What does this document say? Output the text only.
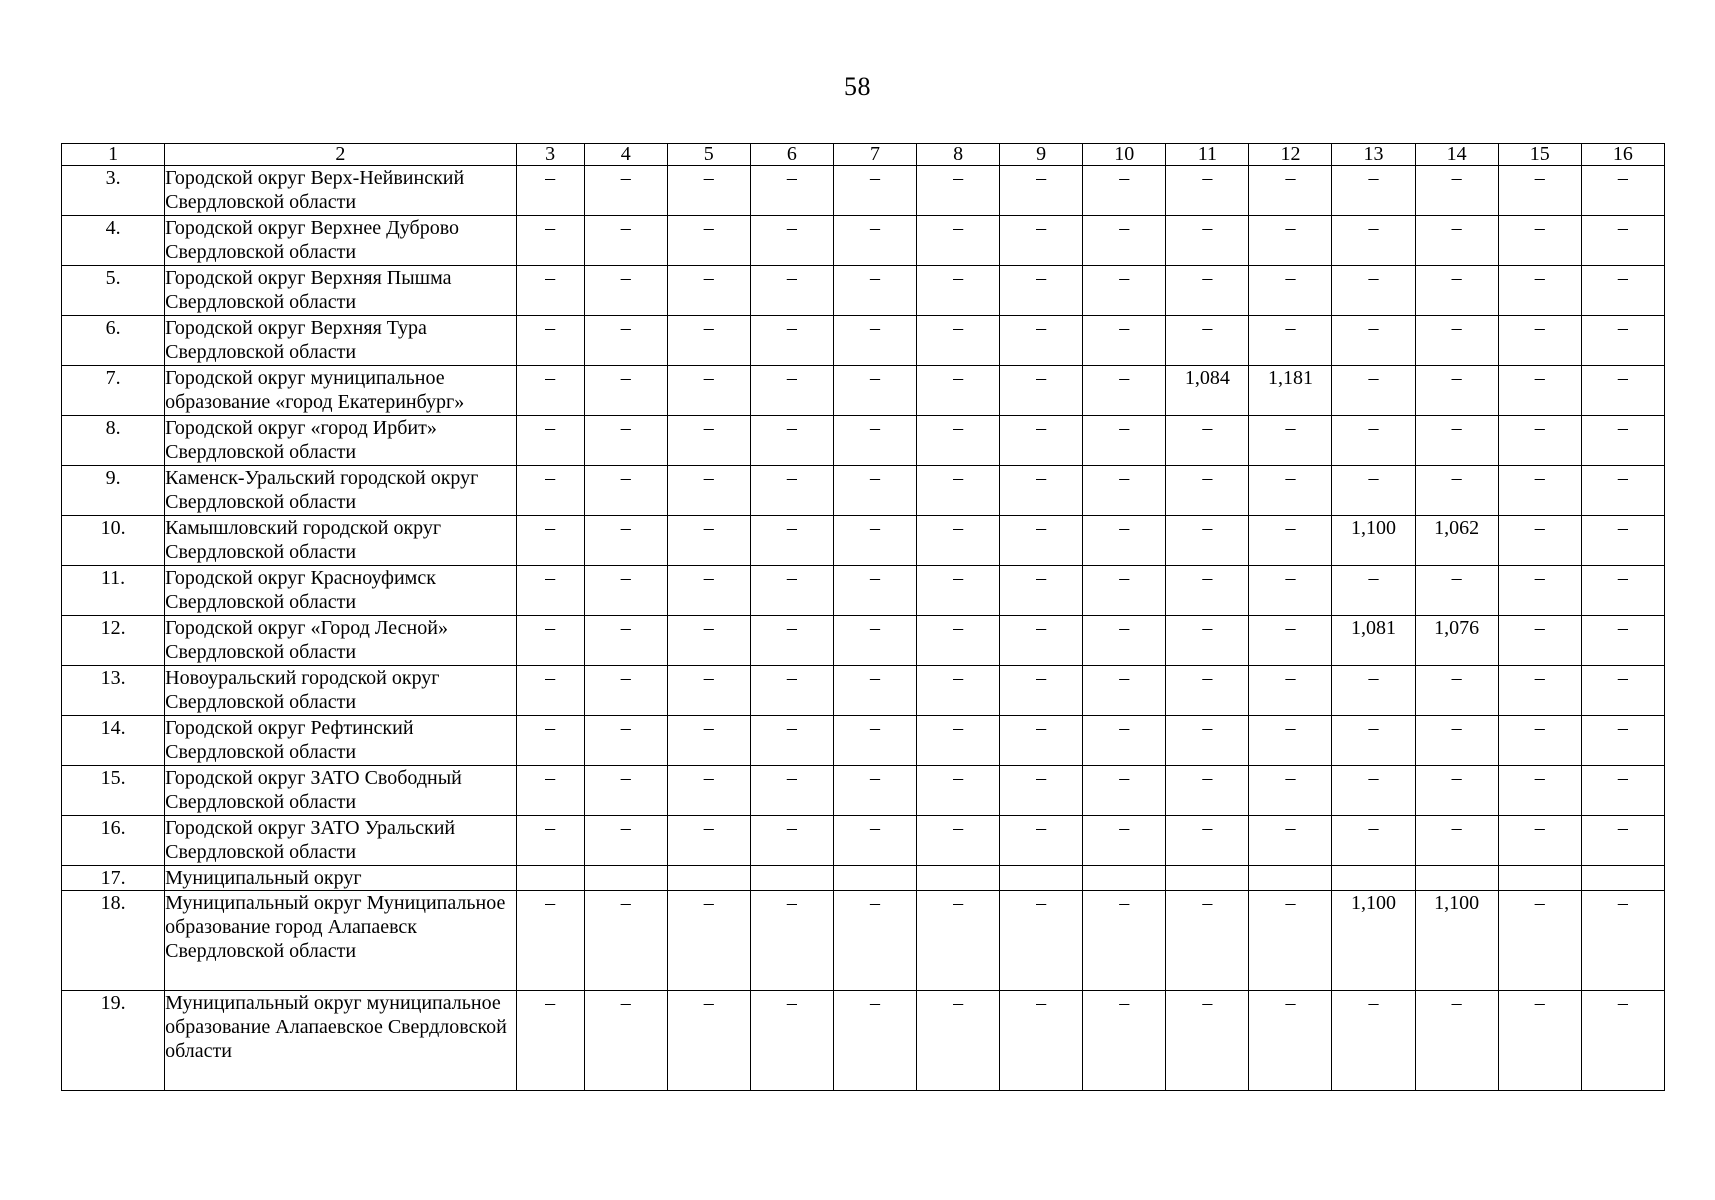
58
1	2	3	4	5	6	7	8	9	10	11	12	13	14	15	16
3.	Городской округ Верх-Нейвинский Свердловской области	–	–	–	–	–	–	–	–	–	–	–	–	–	–
4.	Городской округ Верхнее Дуброво Свердловской области	–	–	–	–	–	–	–	–	–	–	–	–	–	–
5.	Городской округ Верхняя Пышма Свердловской области	–	–	–	–	–	–	–	–	–	–	–	–	–	–
6.	Городской округ Верхняя Тура Свердловской области	–	–	–	–	–	–	–	–	–	–	–	–	–	–
7.	Городской округ муниципальное образование «город Екатеринбург»	–	–	–	–	–	–	–	–	1,084	1,181	–	–	–	–
8.	Городской округ «город Ирбит» Свердловской области	–	–	–	–	–	–	–	–	–	–	–	–	–	–
9.	Каменск-Уральский городской округ Свердловской области	–	–	–	–	–	–	–	–	–	–	–	–	–	–
10.	Камышловский городской округ Свердловской области	–	–	–	–	–	–	–	–	–	–	1,100	1,062	–	–
11.	Городской округ Красноуфимск Свердловской области	–	–	–	–	–	–	–	–	–	–	–	–	–	–
12.	Городской округ «Город Лесной» Свердловской области	–	–	–	–	–	–	–	–	–	–	1,081	1,076	–	–
13.	Новоуральский городской округ Свердловской области	–	–	–	–	–	–	–	–	–	–	–	–	–	–
14.	Городской округ Рефтинский Свердловской области	–	–	–	–	–	–	–	–	–	–	–	–	–	–
15.	Городской округ ЗАТО Свободный Свердловской области	–	–	–	–	–	–	–	–	–	–	–	–	–	–
16.	Городской округ ЗАТО Уральский Свердловской области	–	–	–	–	–	–	–	–	–	–	–	–	–	–
17.	Муниципальный округ														
18.	Муниципальный округ Муниципальное образование город Алапаевск Свердловской области	–	–	–	–	–	–	–	–	–	–	1,100	1,100	–	–
19.	Муниципальный округ муниципальное образование Алапаевское Свердловской области	–	–	–	–	–	–	–	–	–	–	–	–	–	–
